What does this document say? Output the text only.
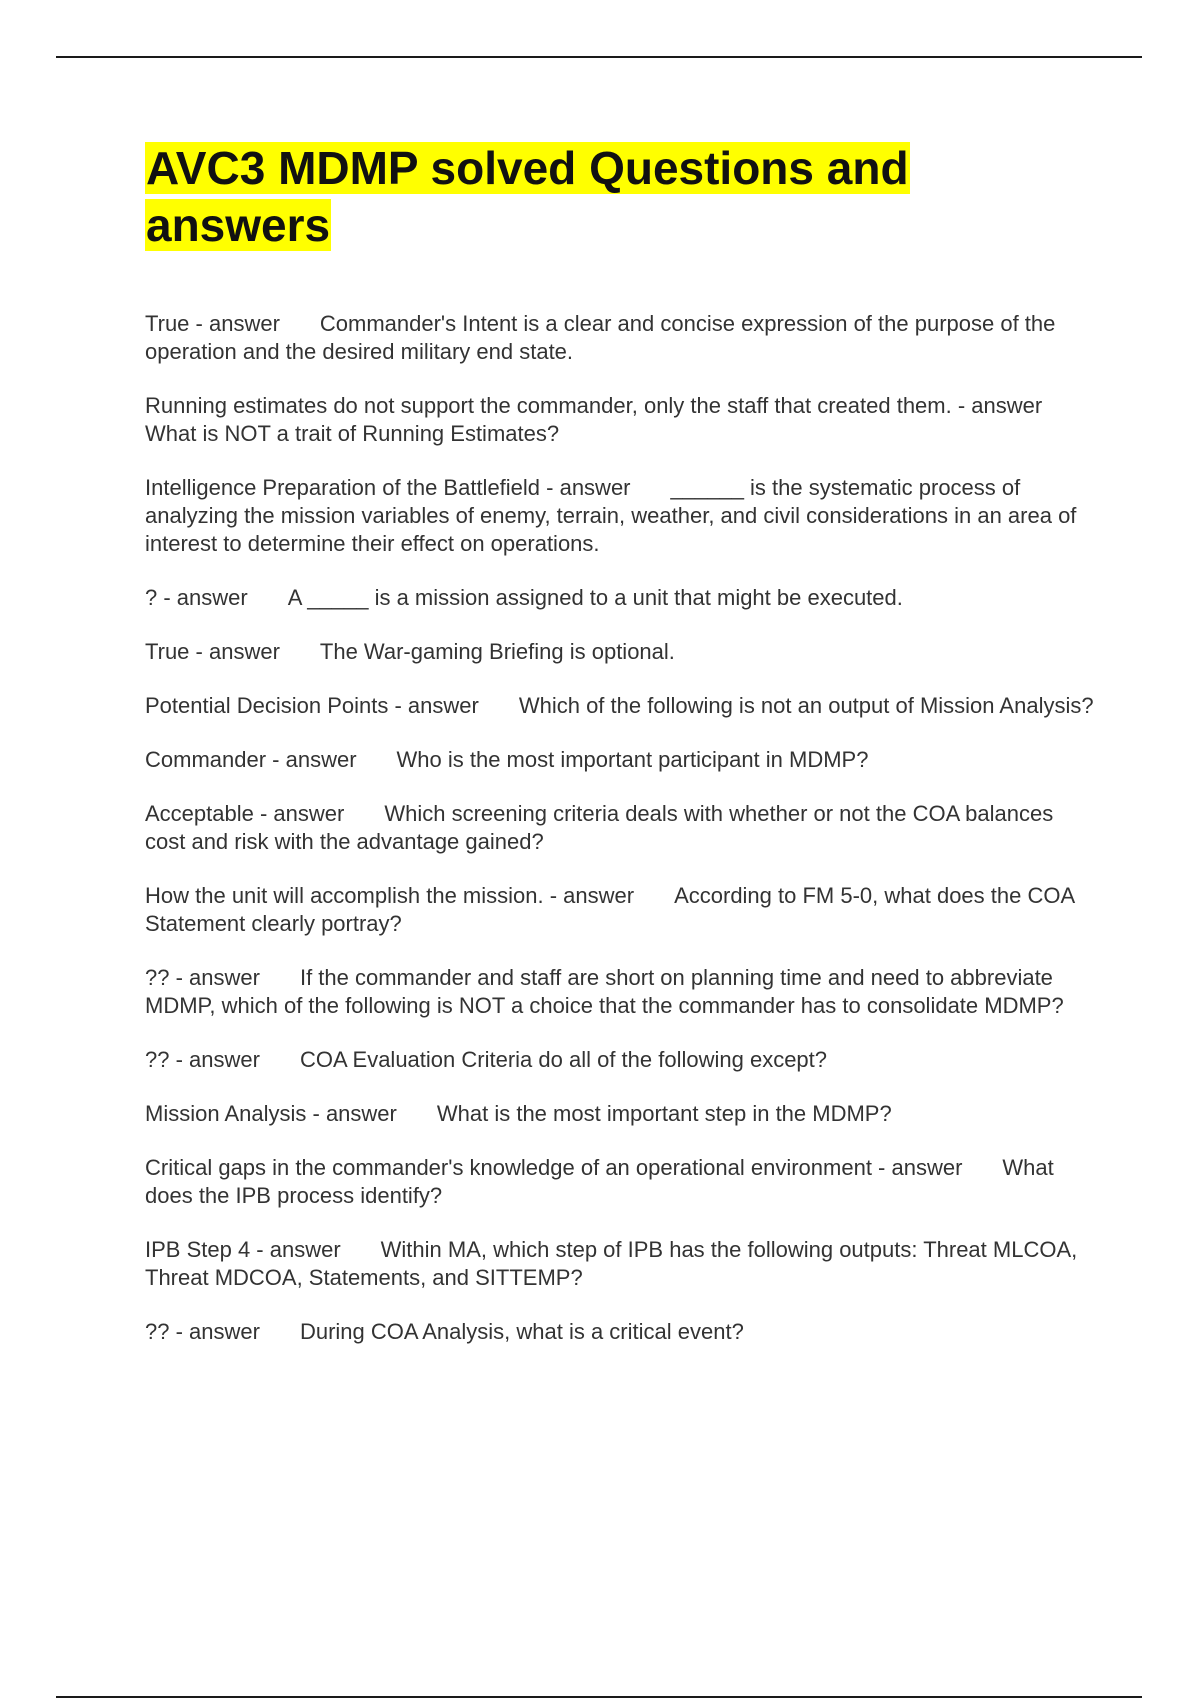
AVC3 MDMP solved Questions and answers
True - answer Commander's Intent is a clear and concise expression of the purpose of the operation and the desired military end state.
Running estimates do not support the commander, only the staff that created them. - answerWhat is NOT a trait of Running Estimates?
Intelligence Preparation of the Battlefield - answer ______ is the systematic process of analyzing the mission variables of enemy, terrain, weather, and civil considerations in an area of interest to determine their effect on operations.
? - answer A _____ is a mission assigned to a unit that might be executed.
True - answer The War-gaming Briefing is optional.
Potential Decision Points - answer Which of the following is not an output of Mission Analysis?
Commander - answer Who is the most important participant in MDMP?
Acceptable - answer Which screening criteria deals with whether or not the COA balances cost and risk with the advantage gained?
How the unit will accomplish the mission. - answer According to FM 5-0, what does the COA Statement clearly portray?
?? - answer If the commander and staff are short on planning time and need to abbreviate MDMP, which of the following is NOT a choice that the commander has to consolidate MDMP?
?? - answer COA Evaluation Criteria do all of the following except?
Mission Analysis - answer What is the most important step in the MDMP?
Critical gaps in the commander's knowledge of an operational environment - answer What does the IPB process identify?
IPB Step 4 - answer Within MA, which step of IPB has the following outputs: Threat MLCOA, Threat MDCOA, Statements, and SITTEMP?
?? - answer During COA Analysis, what is a critical event?
